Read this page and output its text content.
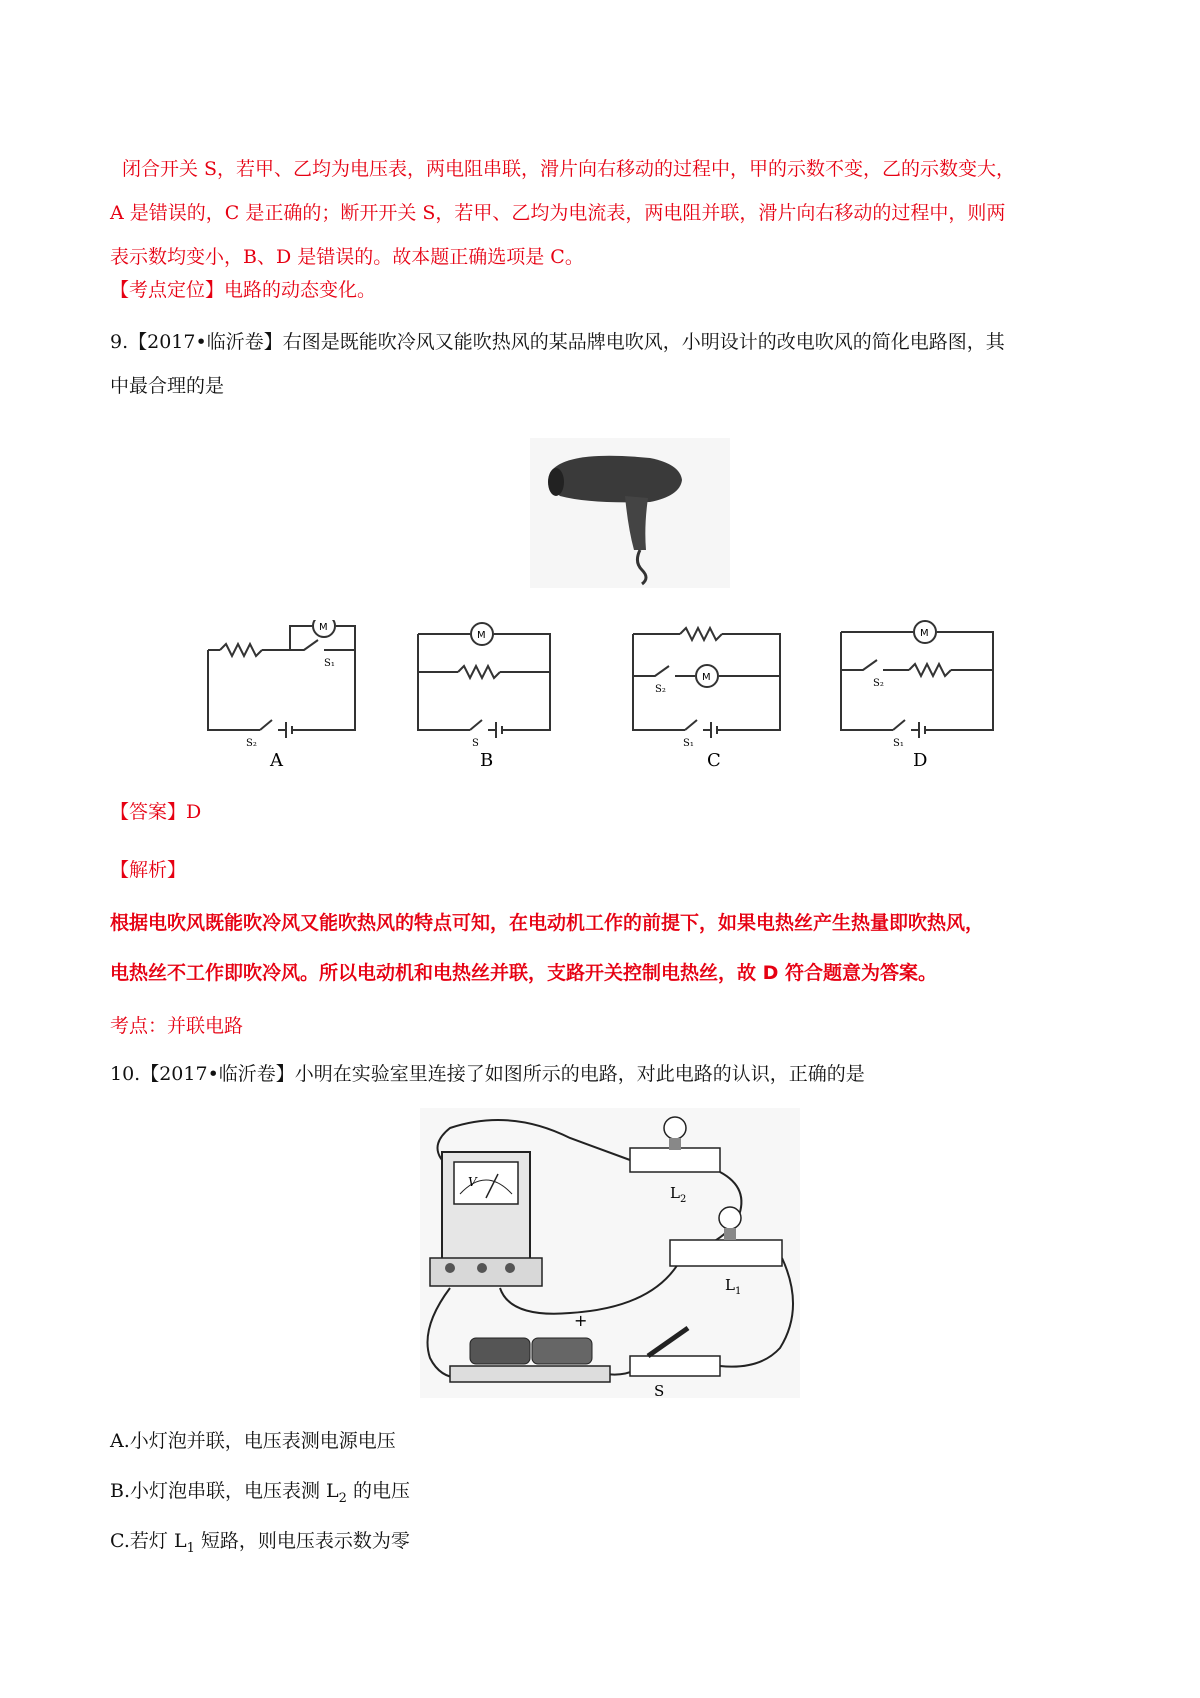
闭合开关 S，若甲、乙均为电压表，两电阻串联，滑片向右移动的过程中，甲的示数不变，乙的示数变大，
A 是错误的，C 是正确的；断开开关 S，若甲、乙均为电流表，两电阻并联，滑片向右移动的过程中，则两
表示数均变小，B、D 是错误的。故本题正确选项是 C。
【考点定位】电路的动态变化。
9.【2017•临沂卷】右图是既能吹冷风又能吹热风的某品牌电吹风，小明设计的改电吹风的简化电路图，其
中最合理的是
M
S₁
S₂
A
M
S
B
M
S₂
S₁
C
M
S₂
S₁
D
【答案】D
【解析】
根据电吹风既能吹冷风又能吹热风的特点可知，在电动机工作的前提下，如果电热丝产生热量即吹热风，
电热丝不工作即吹冷风。所以电动机和电热丝并联，支路开关控制电热丝，故 D 符合题意为答案。
考点：并联电路
10.【2017•临沂卷】小明在实验室里连接了如图所示的电路，对此电路的认识，正确的是
V
$L_2$
$L_1$
+
S
A.小灯泡并联，电压表测电源电压
B.小灯泡串联，电压表测 $L_2$ 的电压
C.若灯 $L_1$ 短路，则电压表示数为零
